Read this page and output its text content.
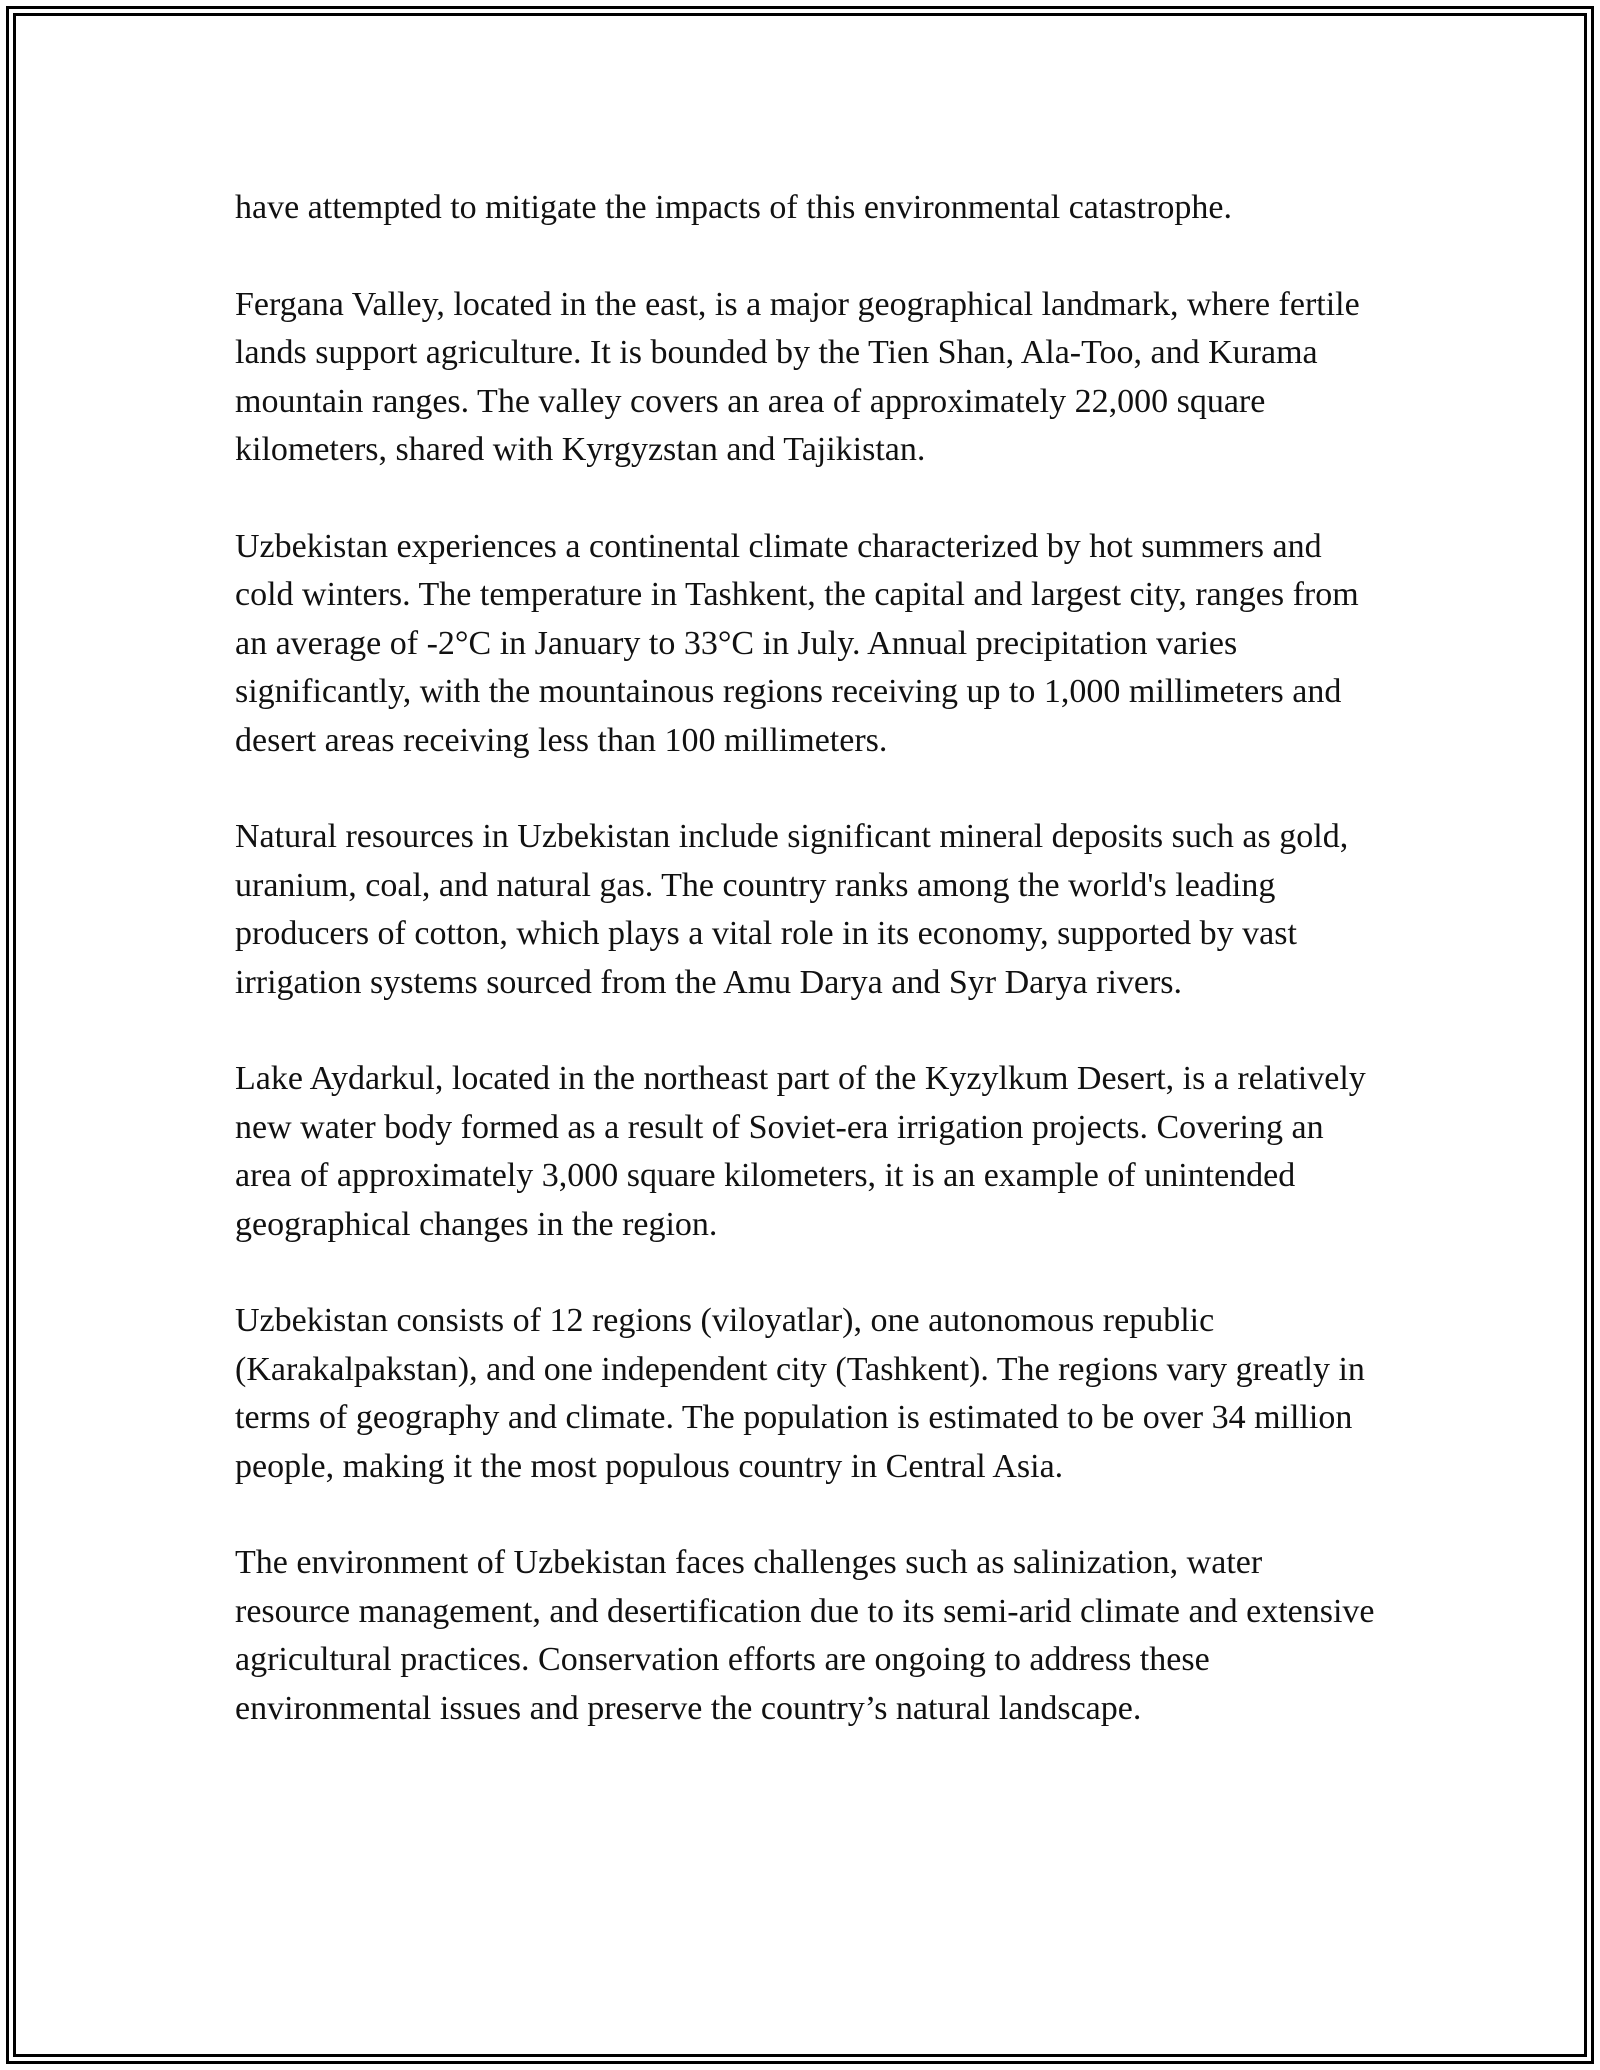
have attempted to mitigate the impacts of this environmental catastrophe.

Fergana Valley, located in the east, is a major geographical landmark, where fertile lands support agriculture. It is bounded by the Tien Shan, Ala-Too, and Kurama mountain ranges. The valley covers an area of approximately 22,000 square kilometers, shared with Kyrgyzstan and Tajikistan.

Uzbekistan experiences a continental climate characterized by hot summers and cold winters. The temperature in Tashkent, the capital and largest city, ranges from an average of -2°C in January to 33°C in July. Annual precipitation varies significantly, with the mountainous regions receiving up to 1,000 millimeters and desert areas receiving less than 100 millimeters.

Natural resources in Uzbekistan include significant mineral deposits such as gold, uranium, coal, and natural gas. The country ranks among the world's leading producers of cotton, which plays a vital role in its economy, supported by vast irrigation systems sourced from the Amu Darya and Syr Darya rivers.

Lake Aydarkul, located in the northeast part of the Kyzylkum Desert, is a relatively new water body formed as a result of Soviet-era irrigation projects. Covering an area of approximately 3,000 square kilometers, it is an example of unintended geographical changes in the region.

Uzbekistan consists of 12 regions (viloyatlar), one autonomous republic (Karakalpakstan), and one independent city (Tashkent). The regions vary greatly in terms of geography and climate. The population is estimated to be over 34 million people, making it the most populous country in Central Asia.

The environment of Uzbekistan faces challenges such as salinization, water resource management, and desertification due to its semi-arid climate and extensive agricultural practices. Conservation efforts are ongoing to address these environmental issues and preserve the country’s natural landscape.
